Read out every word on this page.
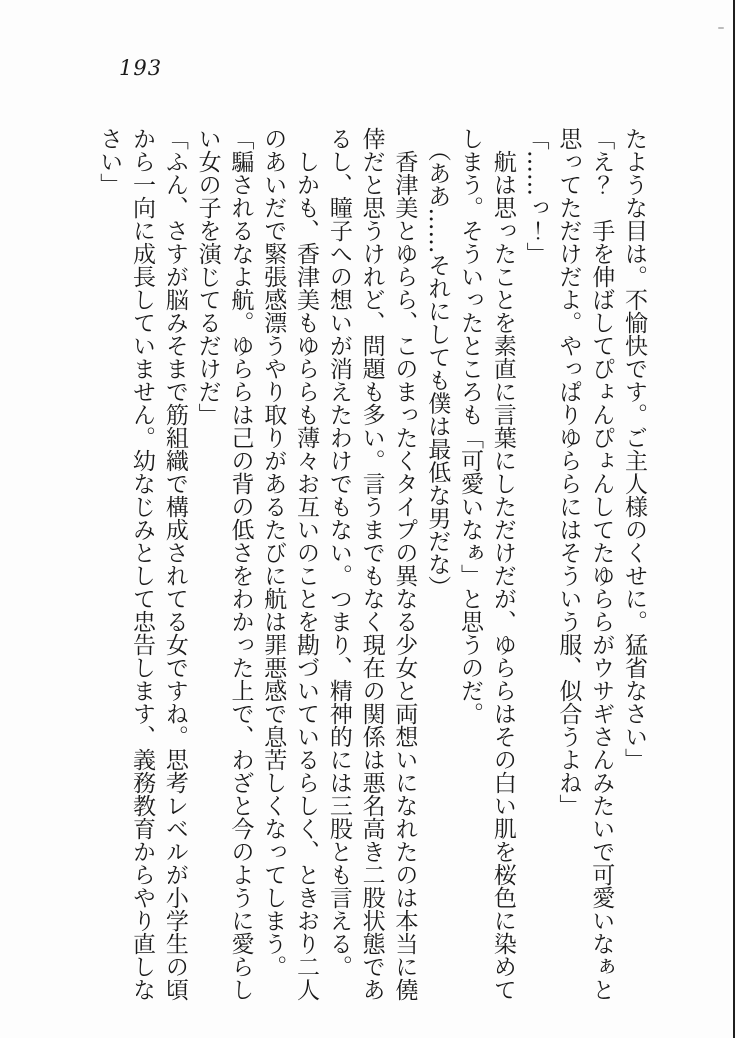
193

たような目は。不愉快です。ご主人様のくせに。猛省なさい」

「え？　手を伸ばしてぴょんぴょんしてたゆららがウサギさんみたいで可愛いなぁと

思ってただけだよ。やっぱりゆららにはそういう服、似合うよね」

「……っ！」

　航は思ったことを素直に言葉にしただけだが、ゆららはその白い肌を桜色に染めて

しまう。そういったところも「可愛いなぁ」と思うのだ。

　（ああ……それにしても僕は最低な男だな）

　香津美とゆらら、このまったくタイプの異なる少女と両想いになれたのは本当に僥

倖だと思うけれど、問題も多い。言うまでもなく現在の関係は悪名高き二股状態であ

るし、瞳子への想いが消えたわけでもない。つまり、精神的には三股とも言える。

　しかも、香津美もゆららも薄々お互いのことを勘づいているらしく、ときおり二人

のあいだで緊張感漂うやり取りがあるたびに航は罪悪感で息苦しくなってしまう。

「騙されるなよ航。ゆららは己の背の低さをわかった上で、わざと今のように愛らし

い女の子を演じてるだけだ」

「ふん、さすが脳みそまで筋組織で構成されてる女ですね。思考レベルが小学生の頃

から一向に成長していません。幼なじみとして忠告します、義務教育からやり直しな

さい」
